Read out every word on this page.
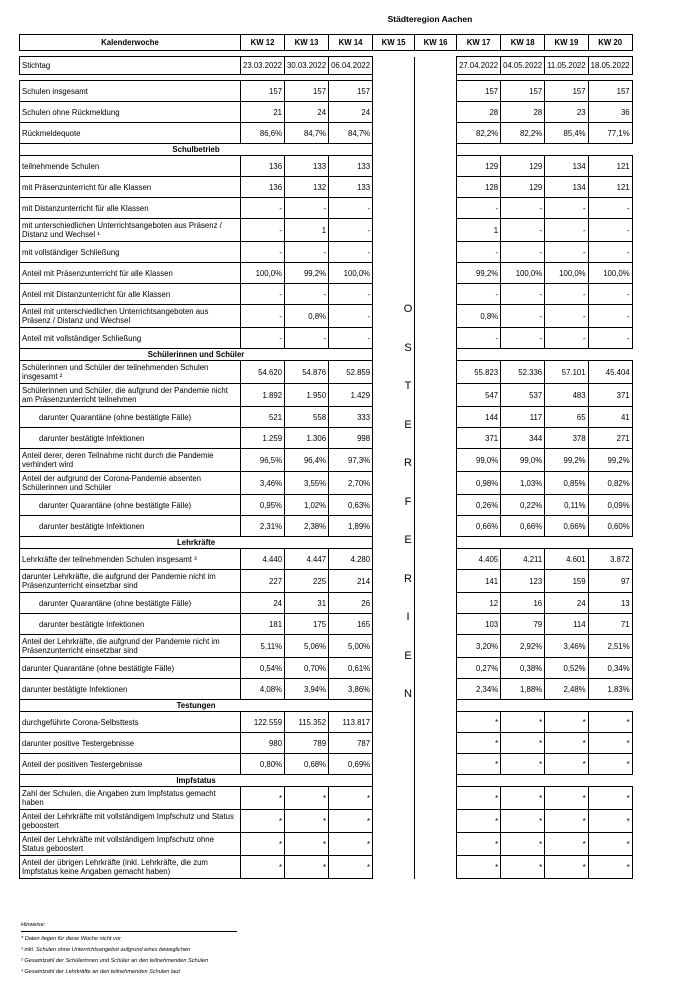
Städteregion Aachen
Kalenderwoche	KW 12	KW 13	KW 14	KW 15	KW 16	KW 17	KW 18	KW 19	KW 20

Stichtag	23.03.2022	30.03.2022	06.04.2022			27.04.2022	04.05.2022	11.05.2022	18.05.2022

Schulen insgesamt	157	157	157			157	157	157	157
Schulen ohne Rückmeldung	21	24	24			28	28	23	36
Rückmeldequote	86,6%	84,7%	84,7%			82,2%	82,2%	85,4%	77,1%
Schulbetrieb									
teilnehmende Schulen	136	133	133			129	129	134	121
mit Präsenzunterricht für alle Klassen	136	132	133			128	129	134	121
mit Distanzunterricht für alle Klassen	-	-	-			-	-	-	-
mit unterschiedlichen Unterrichtsangeboten aus Präsenz / Distanz und Wechsel ¹	-	1	-			1	-	-	-
mit vollständiger Schließung	-	-	-			-	-	-	-
Anteil mit Präsenzunterricht für alle Klassen	100,0%	99,2%	100,0%			99,2%	100,0%	100,0%	100,0%
Anteil mit Distanzunterricht für alle Klassen	-	-	-			-	-	-	-
Anteil mit unterschiedlichen Unterrichtsangeboten aus Präsenz / Distanz und Wechsel	-	0,8%	-			0,8%	-	-	-
Anteil mit vollständiger Schließung	-	-	-			-	-	-	-
Schülerinnen und Schüler									
Schülerinnen und Schüler der teilnehmenden Schulen insgesamt ²	54.620	54.876	52.859			55.823	52.336	57.101	45.404
Schülerinnen und Schüler, die aufgrund der Pandemie nicht am Präsenzunterricht teilnehmen	1.892	1.950	1.429			547	537	483	371
darunter Quarantäne (ohne bestätigte Fälle)	521	558	333			144	117	65	41
darunter bestätigte Infektionen	1.259	1.306	998			371	344	378	271
Anteil derer, deren Teilnahme nicht durch die Pandemie verhindert wird	96,5%	96,4%	97,3%			99,0%	99,0%	99,2%	99,2%
Anteil der aufgrund der Corona-Pandemie absenten Schülerinnen und Schüler	3,46%	3,55%	2,70%			0,98%	1,03%	0,85%	0,82%
darunter Quarantäne (ohne bestätigte Fälle)	0,95%	1,02%	0,63%			0,26%	0,22%	0,11%	0,09%
darunter bestätigte Infektionen	2,31%	2,38%	1,89%			0,66%	0,66%	0,66%	0,60%
Lehrkräfte									
Lehrkräfte der teilnehmenden Schulen insgesamt ³	4.440	4.447	4.280			4.405	4.211	4.601	3.872
darunter Lehrkräfte, die aufgrund der Pandemie nicht im Präsenzunterricht einsetzbar sind	227	225	214			141	123	159	97
darunter Quarantäne (ohne bestätigte Fälle)	24	31	26			12	16	24	13
darunter bestätigte Infektionen	181	175	165			103	79	114	71
Anteil der Lehrkräfte, die aufgrund der Pandemie nicht im Präsenzunterricht einsetzbar sind	5,11%	5,06%	5,00%			3,20%	2,92%	3,46%	2,51%
darunter Quarantäne (ohne bestätigte Fälle)	0,54%	0,70%	0,61%			0,27%	0,38%	0,52%	0,34%
darunter bestätigte Infektionen	4,08%	3,94%	3,86%			2,34%	1,88%	2,48%	1,83%
Testungen									
durchgeführte Corona-Selbsttests	122.559	115.352	113.817			*	*	*	*
darunter positive Testergebnisse	980	789	787			*	*	*	*
Anteil der positiven Testergebnisse	0,80%	0,68%	0,69%			*	*	*	*
Impfstatus									
Zahl der Schulen, die Angaben zum Impfstatus gemacht haben	*	*	*			*	*	*	*
Anteil der Lehrkräfte mit vollständigem Impfschutz und Status geboostert	*	*	*			*	*	*	*
Anteil der Lehrkräfte mit vollständigem Impfschutz ohne Status geboostert	*	*	*			*	*	*	*
Anteil der übrigen Lehrkräfte (inkl. Lehrkräfte, die zum Impfstatus keine Angaben gemacht haben)	*	*	*			*	*	*	*
Hinweise:
* Daten liegen für diese Woche nicht vor
¹ inkl. Schulen ohne Unterrichtsangebot aufgrund eines beweglichen
² Gesamtzahl der Schülerinnen und Schüler an den teilnehmenden Schulen
³ Gesamtzahl der Lehrkräfte an den teilnehmenden Schulen laut
O
S
T
E
R
F
E
R
I
E
N
